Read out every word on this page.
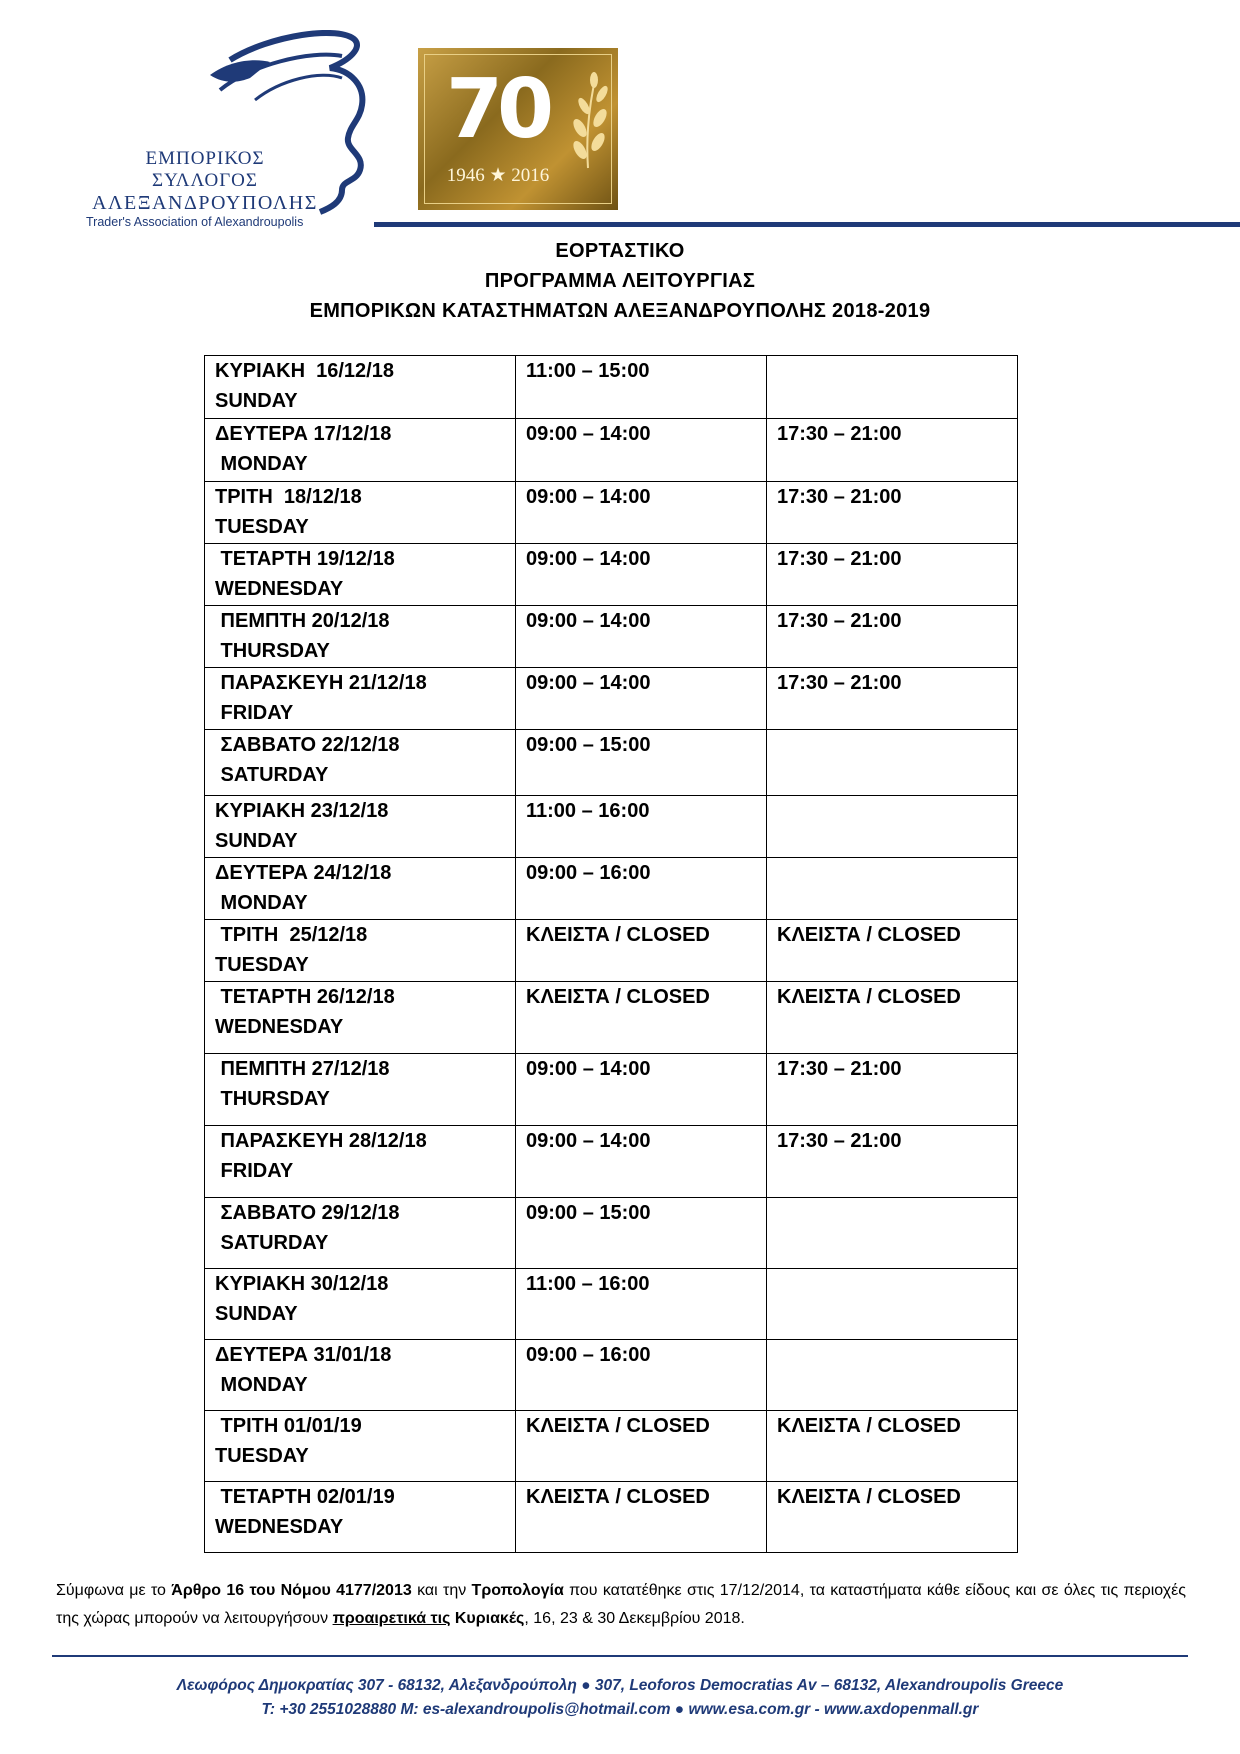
ΕΜΠΟΡΙΚΟΣ
ΣΥΛΛΟΓΟΣ
ΑΛΕΞΑΝΔΡΟΥΠΟΛΗΣ
Trader's Association of Alexandroupolis
70
1946 ★ 2016
ΕΟΡΤΑΣΤΙΚΟ
ΠΡΟΓΡΑΜΜΑ ΛΕΙΤΟΥΡΓΙΑΣ
ΕΜΠΟΡΙΚΩΝ ΚΑΤΑΣΤΗΜΑΤΩΝ ΑΛΕΞΑΝΔΡΟΥΠΟΛΗΣ 2018-2019
ΚΥΡΙΑΚΗ  16/12/18
SUNDAY	11:00 – 15:00	
ΔΕΥΤΕΡΑ 17/12/18
MONDAY	09:00 – 14:00	17:30 – 21:00
ΤΡΙΤΗ  18/12/18
TUESDAY	09:00 – 14:00	17:30 – 21:00
ΤΕΤΑΡΤΗ 19/12/18
WEDNESDAY	09:00 – 14:00	17:30 – 21:00
ΠΕΜΠΤΗ 20/12/18
THURSDAY	09:00 – 14:00	17:30 – 21:00
ΠΑΡΑΣΚΕΥΗ 21/12/18
FRIDAY	09:00 – 14:00	17:30 – 21:00
ΣΑΒΒΑΤΟ 22/12/18
SATURDAY	09:00 – 15:00	
ΚΥΡΙΑΚΗ 23/12/18
SUNDAY	11:00 – 16:00	
ΔΕΥΤΕΡΑ 24/12/18
MONDAY	09:00 – 16:00	
ΤΡΙΤΗ  25/12/18
TUESDAY	ΚΛΕΙΣΤΑ / CLOSED	ΚΛΕΙΣΤΑ / CLOSED
ΤΕΤΑΡΤΗ 26/12/18
WEDNESDAY	ΚΛΕΙΣΤΑ / CLOSED	ΚΛΕΙΣΤΑ / CLOSED
ΠΕΜΠΤΗ 27/12/18
THURSDAY	09:00 – 14:00	17:30 – 21:00
ΠΑΡΑΣΚΕΥΗ 28/12/18
FRIDAY	09:00 – 14:00	17:30 – 21:00
ΣΑΒΒΑΤΟ 29/12/18
SATURDAY	09:00 – 15:00	
ΚΥΡΙΑΚΗ 30/12/18
SUNDAY	11:00 – 16:00	
ΔΕΥΤΕΡΑ 31/01/18
MONDAY	09:00 – 16:00	
ΤΡΙΤΗ 01/01/19
TUESDAY	ΚΛΕΙΣΤΑ / CLOSED	ΚΛΕΙΣΤΑ / CLOSED
ΤΕΤΑΡΤΗ 02/01/19
WEDNESDAY	ΚΛΕΙΣΤΑ / CLOSED	ΚΛΕΙΣΤΑ / CLOSED
Σύμφωνα με το Άρθρο 16 του Νόμου 4177/2013 και την Τροπολογία που κατατέθηκε στις 17/12/2014, τα καταστήματα κάθε είδους και σε όλες τις περιοχές της χώρας μπορούν να λειτουργήσουν προαιρετικά τις Κυριακές, 16, 23 & 30 Δεκεμβρίου 2018.
Λεωφόρος Δημοκρατίας 307 - 68132, Αλεξανδρούπολη ● 307, Leoforos Democratias Av – 68132, Alexandroupolis Greece
T: +30 2551028880 M: es-alexandroupolis@hotmail.com ● www.esa.com.gr - www.axdopenmall.gr
